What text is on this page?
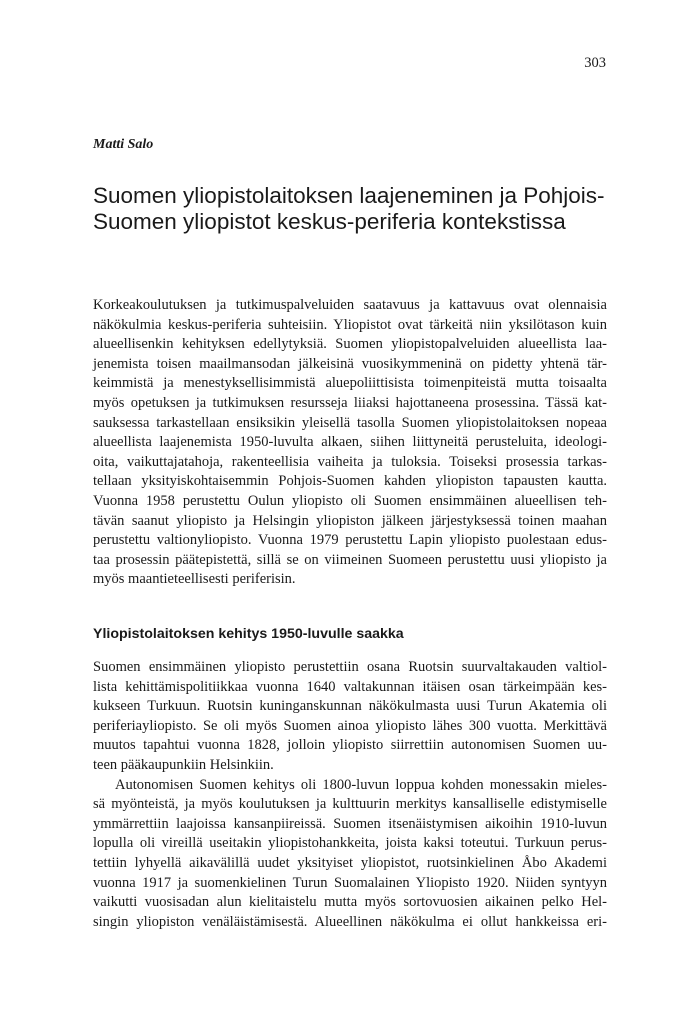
303
Matti Salo
Suomen yliopistolaitoksen laajeneminen ja Pohjois-
Suomen yliopistot keskus-periferia kontekstissa
Korkeakoulutuksen ja tutkimuspalveluiden saatavuus ja kattavuus ovat olennaisia
näkökulmia keskus-periferia suhteisiin. Yliopistot ovat tärkeitä niin yksilötason kuin
alueellisenkin kehityksen edellytyksiä. Suomen yliopistopalveluiden alueellista laa-
jenemista toisen maailmansodan jälkeisinä vuosikymmeninä on pidetty yhtenä tär-
keimmistä ja menestyksellisimmistä aluepoliittisista toimenpiteistä mutta toisaalta
myös opetuksen ja tutkimuksen resursseja liiaksi hajottaneena prosessina. Tässä kat-
sauksessa tarkastellaan ensiksikin yleisellä tasolla Suomen yliopistolaitoksen nopeaa
alueellista laajenemista 1950-luvulta alkaen, siihen liittyneitä perusteluita, ideologi-
oita, vaikuttajatahoja, rakenteellisia vaiheita ja tuloksia. Toiseksi prosessia tarkas-
tellaan yksityiskohtaisemmin Pohjois-Suomen kahden yliopiston tapausten kautta.
Vuonna 1958 perustettu Oulun yliopisto oli Suomen ensimmäinen alueellisen teh-
tävän saanut yliopisto ja Helsingin yliopiston jälkeen järjestyksessä toinen maahan
perustettu valtionyliopisto. Vuonna 1979 perustettu Lapin yliopisto puolestaan edus-
taa prosessin päätepistettä, sillä se on viimeinen Suomeen perustettu uusi yliopisto ja
myös maantieteellisesti periferisin.
Yliopistolaitoksen kehitys 1950-luvulle saakka
Suomen ensimmäinen yliopisto perustettiin osana Ruotsin suurvaltakauden valtiol-
lista kehittämispolitiikkaa vuonna 1640 valtakunnan itäisen osan tärkeimpään kes-
kukseen Turkuun. Ruotsin kuninganskunnan näkökulmasta uusi Turun Akatemia oli
periferiayliopisto. Se oli myös Suomen ainoa yliopisto lähes 300 vuotta. Merkittävä
muutos tapahtui vuonna 1828, jolloin yliopisto siirrettiin autonomisen Suomen uu-
teen pääkaupunkiin Helsinkiin.
Autonomisen Suomen kehitys oli 1800-luvun loppua kohden monessakin mieles-
sä myönteistä, ja myös koulutuksen ja kulttuurin merkitys kansalliselle edistymiselle
ymmärrettiin laajoissa kansanpiireissä. Suomen itsenäistymisen aikoihin 1910-luvun
lopulla oli vireillä useitakin yliopistohankkeita, joista kaksi toteutui. Turkuun perus-
tettiin lyhyellä aikavälillä uudet yksityiset yliopistot, ruotsinkielinen Åbo Akademi
vuonna 1917 ja suomenkielinen Turun Suomalainen Yliopisto 1920. Niiden syntyyn
vaikutti vuosisadan alun kielitaistelu mutta myös sortovuosien aikainen pelko Hel-
singin yliopiston venäläistämisestä. Alueellinen näkökulma ei ollut hankkeissa eri-
